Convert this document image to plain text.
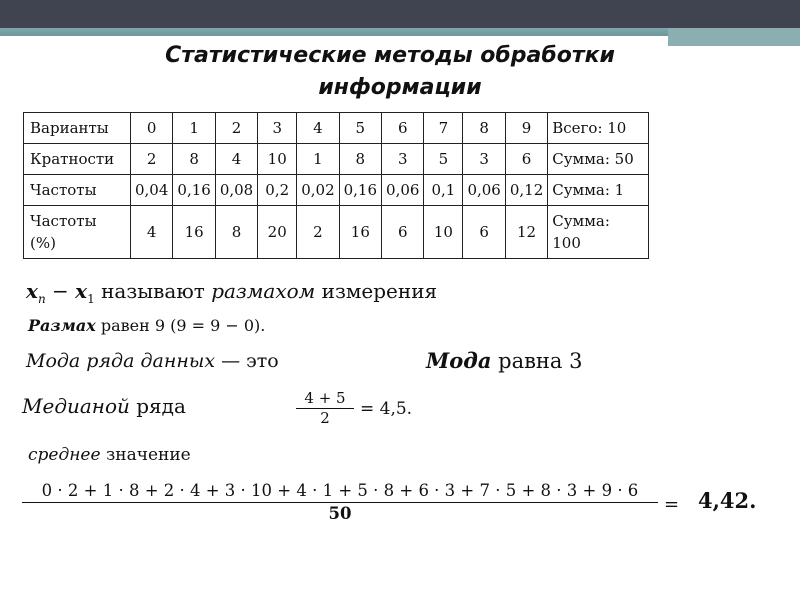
Статистические методы обработки
информации
Варианты	0	1	2	3	4	5	6	7	8	9	Всего: 10
Кратности	2	8	4	10	1	8	3	5	3	6	Сумма: 50
Частоты	0,04	0,16	0,08	0,2	0,02	0,16	0,06	0,1	0,06	0,12	Сумма: 1
Частоты
(%)	4	16	8	20	2	16	6	10	6	12	Сумма:
100
$x_n - x_1$ называют размахом измерения
Размах равен 9 (9 = 9 − 0).
Мода ряда данных — это	Мода равна 3
Медианой ряда	4 + 5
2	= 4,5.
среднее значение
0 · 2 + 1 · 8 + 2 · 4 + 3 · 10 + 4 · 1 + 5 · 8 + 6 · 3 + 7 · 5 + 8 · 3 + 9 · 6
50	= 4,42.
